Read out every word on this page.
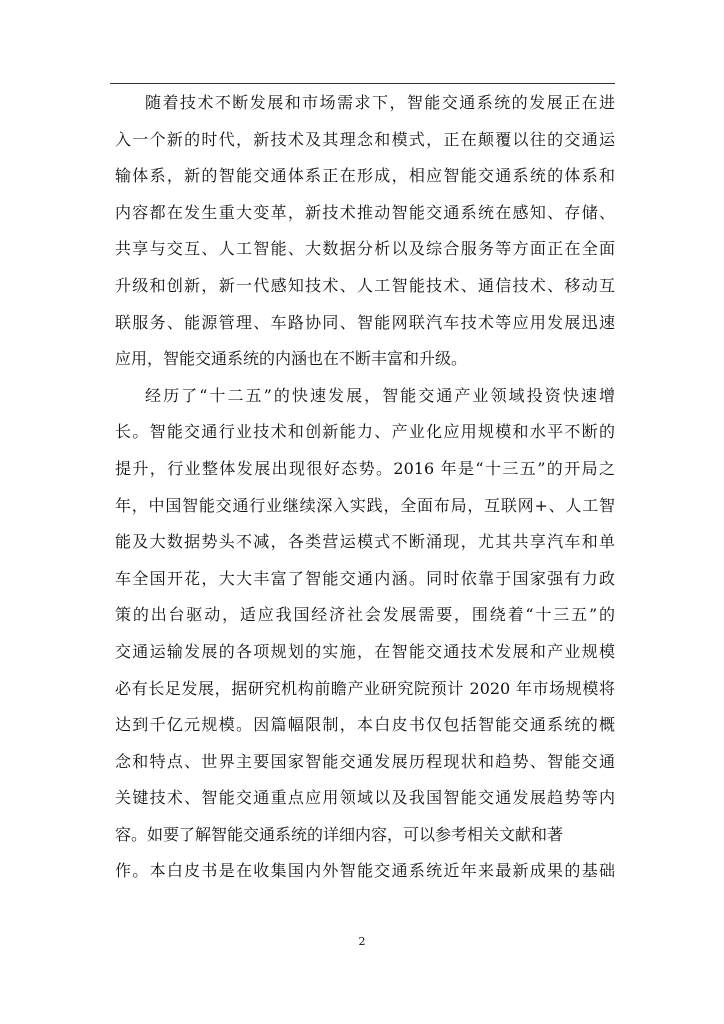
随着技术不断发展和市场需求下，智能交通系统的发展正在进
入一个新的时代，新技术及其理念和模式，正在颠覆以往的交通运
输体系，新的智能交通体系正在形成，相应智能交通系统的体系和
内容都在发生重大变革，新技术推动智能交通系统在感知、存储、
共享与交互、人工智能、大数据分析以及综合服务等方面正在全面
升级和创新，新一代感知技术、人工智能技术、通信技术、移动互
联服务、能源管理、车路协同、智能网联汽车技术等应用发展迅速
应用，智能交通系统的内涵也在不断丰富和升级。
经历了“十二五”的快速发展，智能交通产业领域投资快速增
长。智能交通行业技术和创新能力、产业化应用规模和水平不断的
提升，行业整体发展出现很好态势。2016 年是“十三五”的开局之
年，中国智能交通行业继续深入实践，全面布局，互联网+、人工智
能及大数据势头不减，各类营运模式不断涌现，尤其共享汽车和单
车全国开花，大大丰富了智能交通内涵。同时依靠于国家强有力政
策的出台驱动，适应我国经济社会发展需要，围绕着“十三五”的
交通运输发展的各项规划的实施，在智能交通技术发展和产业规模
必有长足发展，据研究机构前瞻产业研究院预计 2020 年市场规模将
达到千亿元规模。因篇幅限制，本白皮书仅包括智能交通系统的概
念和特点、世界主要国家智能交通发展历程现状和趋势、智能交通
关键技术、智能交通重点应用领域以及我国智能交通发展趋势等内
容。如要了解智能交通系统的详细内容，可以参考相关文献和著
作。本白皮书是在收集国内外智能交通系统近年来最新成果的基础
2
